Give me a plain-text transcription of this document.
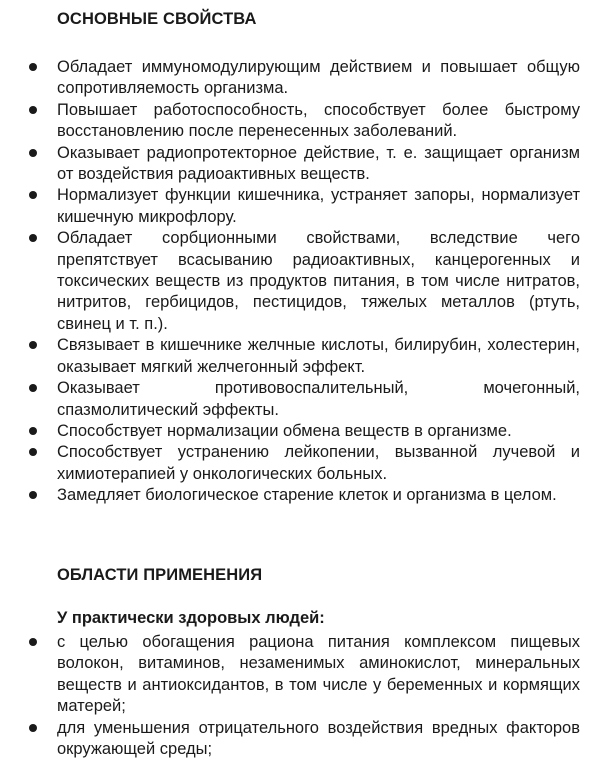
ОСНОВНЫЕ СВОЙСТВА
Обладает иммуномодулирующим действием и повышает общую сопротивляемость организма.
Повышает работоспособность, способствует более быстрому восстановлению после перенесенных заболеваний.
Оказывает радиопротекторное действие, т. е. защищает организм от воздействия радиоактивных веществ.
Нормализует функции кишечника, устраняет запоры, нормализует кишечную микрофлору.
Обладает сорбционными свойствами, вследствие чего препятствует всасыванию радиоактивных, канцерогенных и токсических веществ из продуктов питания, в том числе нитратов, нитритов, гербицидов, пестицидов, тяжелых металлов (ртуть, свинец и т. п.).
Связывает в кишечнике желчные кислоты, билирубин, холестерин, оказывает мягкий желчегонный эффект.
Оказывает противовоспалительный, мочегонный, спазмолитический эффекты.
Способствует нормализации обмена веществ в организме.
Способствует устранению лейкопении, вызванной лучевой и химиотерапией у онкологических больных.
Замедляет биологическое старение клеток и организма в целом.
ОБЛАСТИ ПРИМЕНЕНИЯ

У практически здоровых людей:

с целью обогащения рациона питания комплексом пищевых волокон, витаминов, незаменимых аминокислот, минеральных веществ и антиоксидантов, в том числе у беременных и кормящих матерей;
для уменьшения отрицательного воздействия вредных факторов окружающей среды;
